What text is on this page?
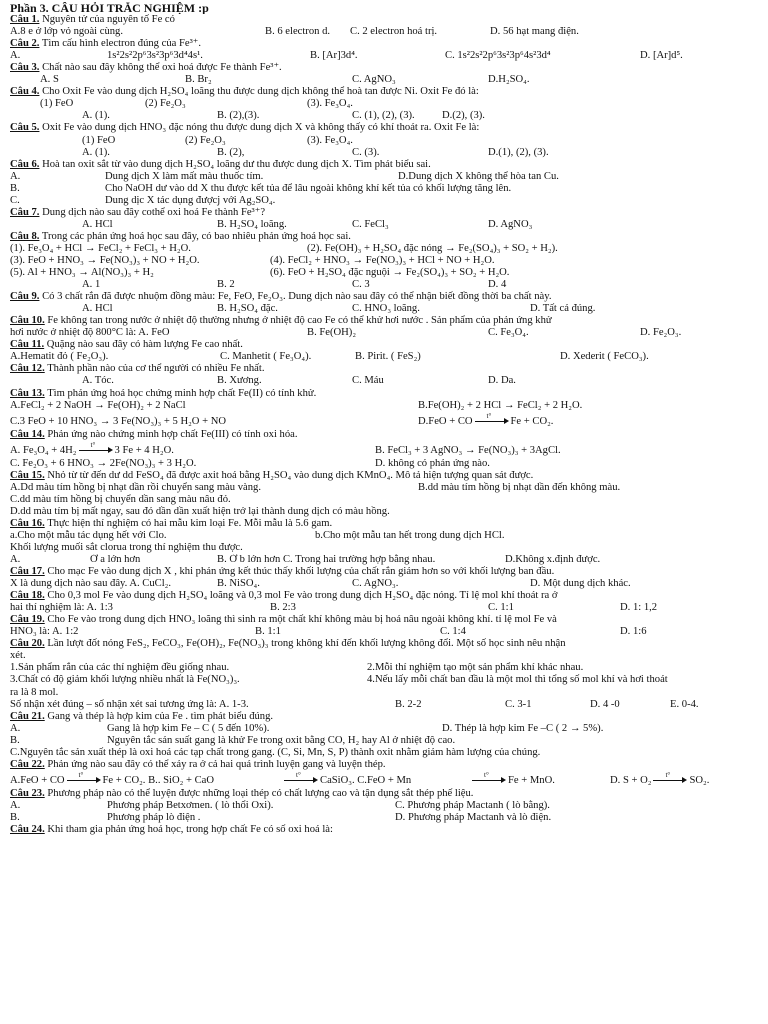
Phần 3. CÂU HỎI TRẮC NGHIỆM :p
Câu 1. Nguyên tử của nguyên tố Fe có
A.8 e ở lớp vỏ ngoài cùng.	B. 6 electron d. C. 2 electron hoá trị.	D. 56 hạt mang điện.
Câu 2. Tìm cấu hình electron đúng của Fe³⁺.
A.	1s²2s²2p⁶3s²3p⁶3d⁴4s¹.	B. [Ar]3d⁴.	C. 1s²2s²2p⁶3s²3p⁶4s²3d⁴	D. [Ar]d⁵.
Câu 3. Chất nào sau đây không thể oxi hoá được Fe thành Fe³⁺.
A. S	B. Br₂	C. AgNO₃	D.H₂SO₄.
Câu 4. Cho Oxit Fe vào dung dịch H₂SO₄ loãng thu được dung dịch không thể hoà tan được Ni. Oxit Fe đó là:
(1) FeO	(2) Fe₂O₃	(3). Fe₃O₄.
A. (1).	B. (2),(3).	C. (1), (2), (3).	D.(2), (3).
Câu 5. Oxit Fe vào dung dịch HNO₃ đặc nóng thu được dung dịch X và không thấy có khí thoát ra. Oxit Fe là:
(1) FeO	(2) Fe₂O₃	(3). Fe₃O₄.
A. (1).	B. (2),	C. (3).	D.(1), (2), (3).
Câu 6. Hoà tan oxit sắt từ vào dung dịch H₂SO₄ loãng dư thu được dung dịch X. Tìm phát biểu sai.
A.	Dung dịch X làm mất màu thuốc tím.	D.Dung dịch X không thể hòa tan Cu.
B.	Cho NaOH dư vào dd X thu được kết tủa để lâu ngoài không khí kết tủa có khối lượng tăng lên.
C.	Dung dịc X tác dụng đượcj với Ag₂SO₄.
Câu 7. Dung dịch nào sau đây cothể oxi hoá Fe thành Fe³⁺?
A. HCl	B. H₂SO₄ loãng.	C. FeCl₃	D. AgNO₃
Câu 8. Trong các phản ứng hoá học sau đây, có bao nhiêu phản ứng hoá học sai.
(1). Fe₃O₄ + HCl → FeCl₂ + FeCl₃ + H₂O.	(2). Fe(OH)₃ + H₂SO₄ đặc nóng → Fe₂(SO₄)₃ + SO₂ + H₂).
(3). FeO + HNO₃ → Fe(NO₃)₃ + NO + H₂O.	(4). FeCl₂ + HNO₃ → Fe(NO₃)₃ + HCl + NO + H₂O.
(5). Al + HNO₃ → Al(NO₃)₃ + H₂	(6). FeO + H₂SO₄ đặc nguội → Fe₂(SO₄)₃ + SO₂ + H₂O.
A. 1	B. 2	C. 3	D. 4
Câu 9. Có 3 chất rắn đã được nhuộm đồng màu: Fe, FeO, Fe₂O₃. Dung dịch nào sau đây có thể nhận biết đồng thời ba chất này.
A. HCl	B. H₂SO₄ đặc.	C. HNO₃ loãng.	D. Tất cả đúng.
Câu 10. Fe không tan trong nước ở nhiệt độ thường nhưng ở nhiệt độ cao Fe có thể khử hơi nước . Sản phẩm của phản ứng khử
hơi nước ở nhiệt độ 800°C là: A. FeO	B. Fe(OH)₂	C. Fe₃O₄.	D. Fe₂O₃.
Câu 11. Quặng nào sau đây có hàm lượng Fe cao nhất.
A.Hematit đỏ ( Fe₂O₃).	C. Manhetit ( Fe₃O₄).	B. Pirit. ( FeS₂)	D. Xederit ( FeCO₃).
Câu 12. Thành phần nào của cơ thể người có nhiều Fe nhất.
A. Tóc.	B. Xương.	C. Máu	D. Da.
Câu 13. Tìm phản ứng hoá học chứng minh hợp chất Fe(II) có tính khử.
A.FeCl₂ + 2 NaOH → Fe(OH)₂ + 2 NaCl	B.Fe(OH)₂ + 2 HCl → FeCl₂ + 2 H₂O.
C.3 FeO + 10 HNO₃ → 3 Fe(NO₃)₃ + 5 H₂O + NO	D.FeO + CO t° Fe + CO₂.
Câu 14. Phản ứng nào chứng minh hợp chất Fe(III) có tính oxi hóa.
A. Fe₃O₄ + 4H₂ t° 3 Fe + 4 H₂O.	B. FeCl₃ + 3 AgNO₃ → Fe(NO₃)₃ + 3AgCl.
C. Fe₂O₃ + 6 HNO₃ → 2Fe(NO₃)₃ + 3 H₂O.	D. không có phản ứng nào.
Câu 15. Nhỏ từ từ đến dư dd FeSO₄ đã được axit hoá bằng H₂SO₄ vào dung dịch KMnO₄. Mô tả hiện tượng quan sát được.
A.Dd màu tím hồng bị nhạt dần rồi chuyển sang màu vàng.	B.dd màu tím hồng bị nhạt dần đến không màu.
C.dd màu tím hồng bị chuyển dần sang màu nâu đỏ.
D.dd màu tím bị mất ngay, sau đó dần dần xuất hiện trở lại thành dung dịch có màu hồng.
Câu 16. Thực hiện thí nghiệm có hai mẫu kim loại Fe. Mỗi mẫu là 5.6 gam.
a.Cho một mẫu tác dụng hết với Clo.	b.Cho một mẫu tan hết trong dung dịch HCl.
Khối lượng muối sắt clorua trong thí nghiệm thu được.
A.	Ở a lớn hơn	B. Ở b lớn hơn C. Trong hai trường hợp bằng nhau.	D.Không x.định được.
Câu 17. Cho mạc Fe vào dung dịch X , khi phản ứng kết thúc thấy khối lượng của chất rắn giảm hơn so với khối lượng ban đầu.
X là dung dịch nào sau đây. A. CuCl₂.	B. NiSO₄.	C. AgNO₃.	D. Một dung dịch khác.
Câu 18. Cho 0,3 mol Fe vào dung dịch H₂SO₄ loãng và 0,3 mol Fe vào trong dung dịch H₂SO₄ đặc nóng. Tỉ lệ mol khí thoát ra ở
hai thí nghiệm là: A. 1:3	B. 2:3	C. 1:1	D. 1: 1,2
Câu 19. Cho Fe vào trong dung dịch HNO₃ loãng thì sinh ra một chất khí không màu bị hoá nâu ngoài không khí. tỉ lệ mol Fe và
HNO₃ là: A. 1:2	B. 1:1	C. 1:4	D. 1:6
Câu 20. Lần lượt đốt nóng FeS₂, FeCO₃, Fe(OH)₂, Fe(NO₃)₃ trong không khí đến khối lượng không đổi. Một số học sinh nêu nhận
xét.
1.Sản phẩm rắn của các thí nghiệm đều giống nhau.	2.Mỗi thí nghiệm tạo một sản phẩm khí khác nhau.
3.Chất có độ giảm khối lượng nhiều nhất là Fe(NO₃)₃.	4.Nếu lấy mỗi chất ban đầu là một mol thì tổng số mol khí và hơi thoát
ra là 8 mol.
Số nhận xét đúng – số nhận xét sai tương ứng là: A. 1-3.	B. 2-2	C. 3-1	D. 4 -0	E. 0-4.
Câu 21. Gang và thép là hợp kim của Fe . tìm phát biểu đúng.
A.	Gang là hợp kim Fe – C ( 5 đến 10%).	D. Thép là hợp kim Fe –C ( 2 → 5%).
B.	Nguyên tắc sản suất gang là khử Fe trong oxit bằng CO, H₂ hay Al ở nhiệt độ cao.
C.Nguyên tắc sản xuất thép là oxi hoá các tạp chất trong gang. (C, Si, Mn, S, P) thành oxit nhằm giảm hàm lượng của chúng.
Câu 22. Phản ứng nào sau đây có thể xảy ra ở cả hai quá trình luyện gang và luyện thép.
A.FeO + CO t° Fe + CO₂. B.. SiO₂ + CaO	t° CaSiO₃. C.FeO + Mn	t° Fe + MnO.	D. S + O₂ t° SO₂.
Câu 23. Phương pháp nào có thể luyện được những loại thép có chất lượng cao và tận dụng sắt thép phế liệu.
A.	Phương pháp Betxơmen. ( lò thổi Oxi).	C. Phương pháp Mactanh ( lò bằng).
B.	Phương pháp lò điện .	D. Phương pháp Mactanh và lò điện.
Câu 24. Khi tham gia phản ứng hoá học, trong hợp chất Fe có số oxi hoá là:
